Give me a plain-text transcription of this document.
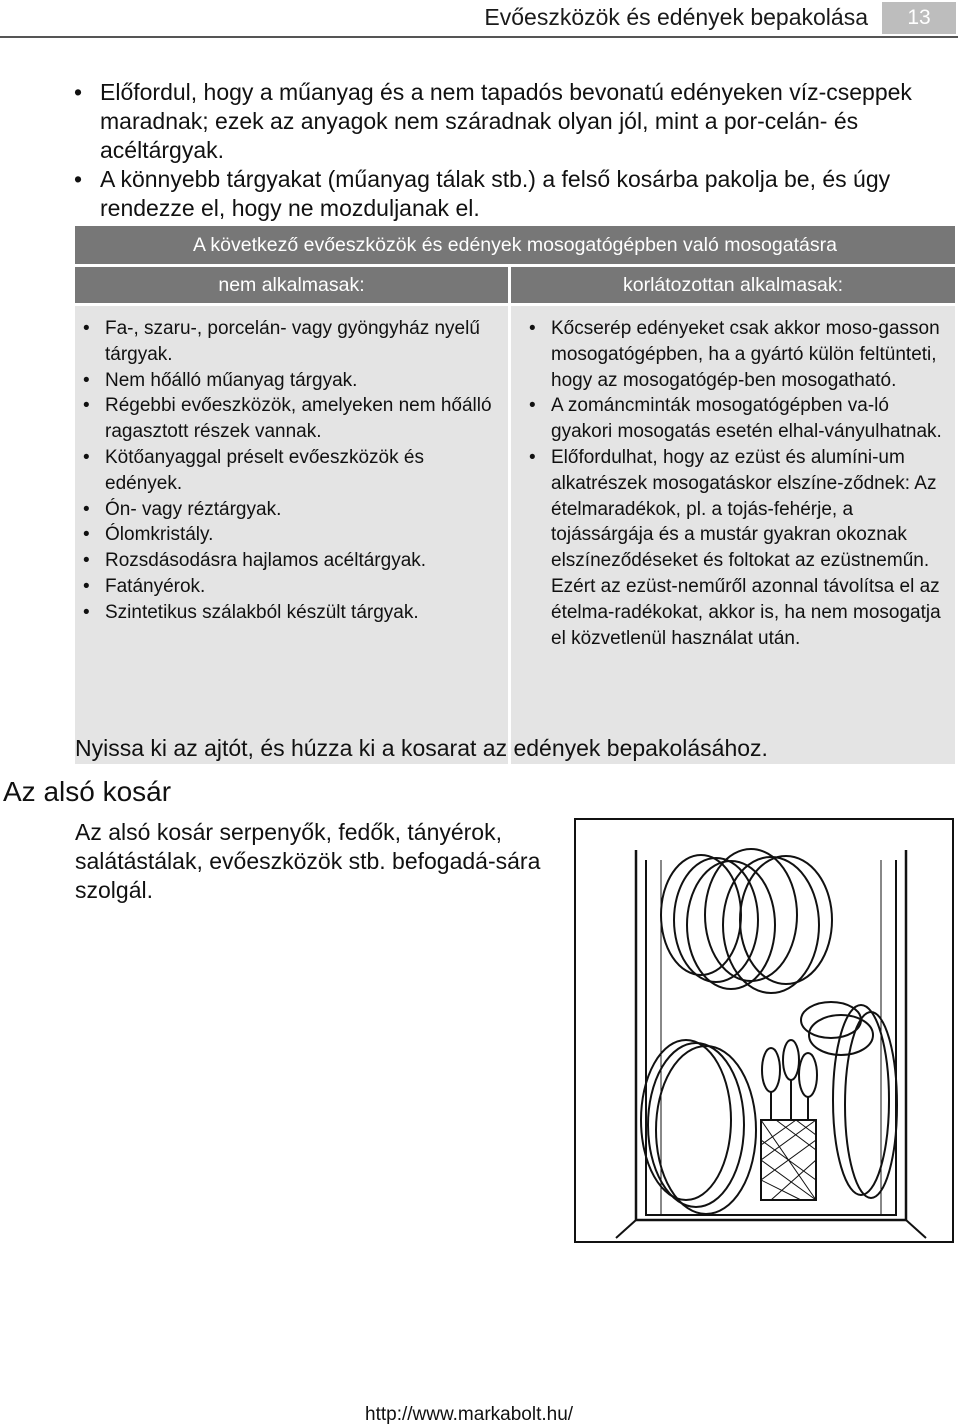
Evőeszközök és edények bepakolása	13
• Előfordul, hogy a műanyag és a nem tapadós bevonatú edényeken víz-cseppek maradnak; ezek az anyagok nem száradnak olyan jól, mint a por-celán- és acéltárgyak.
• A könnyebb tárgyakat (műanyag tálak stb.) a felső kosárba pakolja be, és úgy rendezze el, hogy ne mozduljanak el.
A következő evőeszközök és edények mosogatógépben való mosogatásra
nem alkalmasak:	korlátozottan alkalmasak:
• Fa-, szaru-, porcelán- vagy gyöngyház nyelű tárgyak.
• Nem hőálló műanyag tárgyak.
• Régebbi evőeszközök, amelyeken nem hőálló ragasztott részek vannak.
• Kötőanyaggal préselt evőeszközök és edények.
• Ón- vagy réztárgyak.
• Ólomkristály.
• Rozsdásodásra hajlamos acéltárgyak.
• Fatányérok.
• Szintetikus szálakból készült tárgyak.
• Kőcserép edényeket csak akkor moso-gasson mosogatógépben, ha a gyártó külön feltünteti, hogy az mosogatógép-ben mosogatható.
• A zománcminták mosogatógépben va-ló gyakori mosogatás esetén elhal-ványulhatnak.
• Előfordulhat, hogy az ezüst és alumíni-um alkatrészek mosogatáskor elszíne-ződnek: Az ételmaradékok, pl. a tojás-fehérje, a tojássárgája és a mustár gyakran okoznak elszíneződéseket és foltokat az ezüstneműn. Ezért az ezüst-neműről azonnal távolítsa el az ételma-radékokat, akkor is, ha nem mosogatja el közvetlenül használat után.
Nyissa ki az ajtót, és húzza ki a kosarat az edények bepakolásához.
Az alsó kosár
Az alsó kosár serpenyők, fedők, tányérok, salátástálak, evőeszközök stb. befogadá-sára szolgál.
http://www.markabolt.hu/
